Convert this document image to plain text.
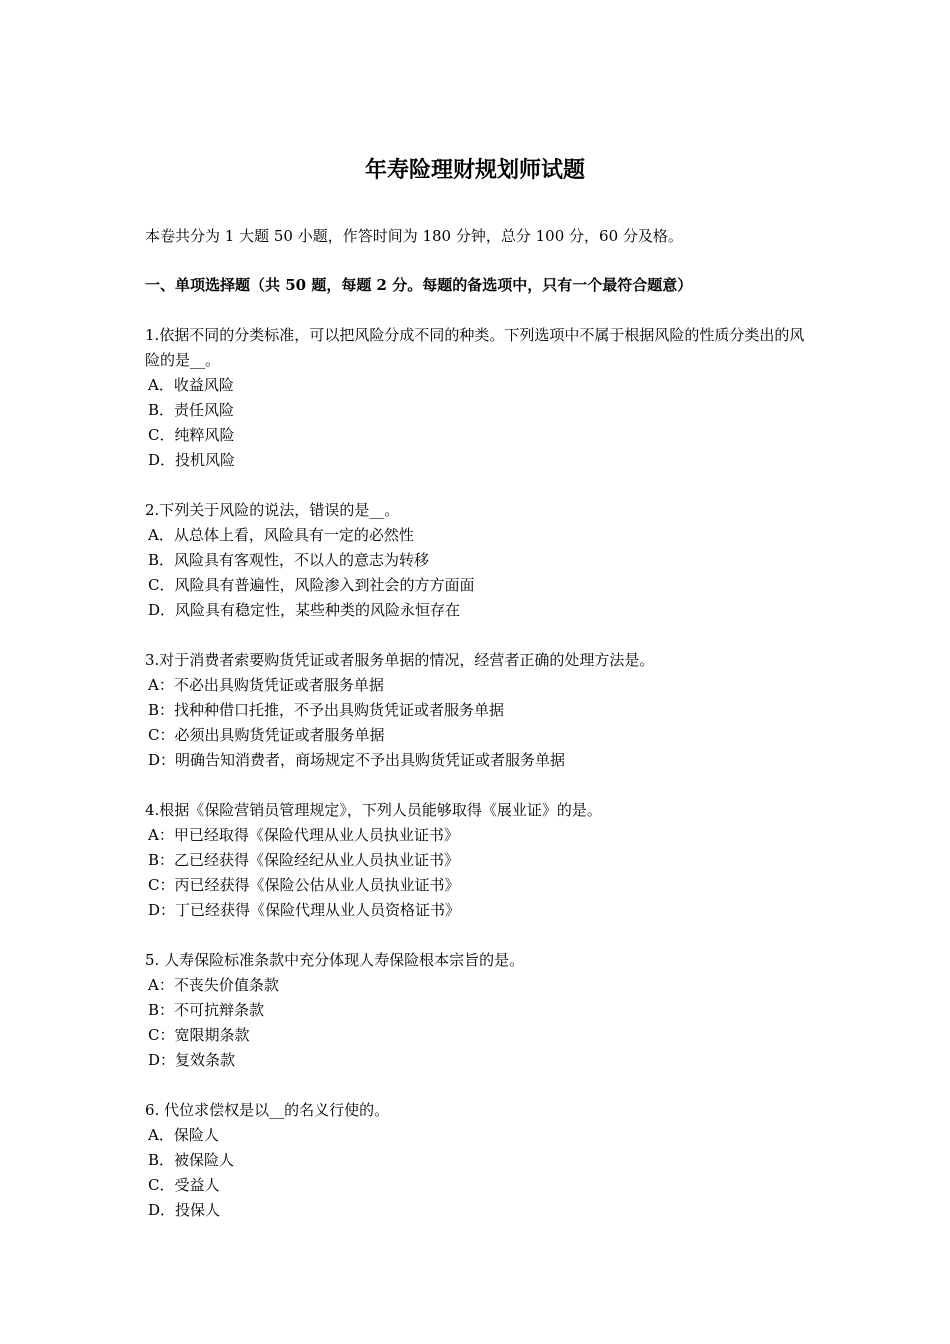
年寿险理财规划师试题
本卷共分为 1 大题 50 小题，作答时间为 180 分钟，总分 100 分，60 分及格。
一、单项选择题（共 50 题，每题 2 分。每题的备选项中，只有一个最符合题意）
1.依据不同的分类标准，可以把风险分成不同的种类。下列选项中不属于根据风险的性质分类出的风险的是__。
A．收益风险
B．责任风险
C．纯粹风险
D．投机风险
2.下列关于风险的说法，错误的是__。
A．从总体上看，风险具有一定的必然性
B．风险具有客观性，不以人的意志为转移
C．风险具有普遍性，风险渗入到社会的方方面面
D．风险具有稳定性，某些种类的风险永恒存在
3.对于消费者索要购货凭证或者服务单据的情况，经营者正确的处理方法是。
A：不必出具购货凭证或者服务单据
B：找种种借口托推，不予出具购货凭证或者服务单据
C：必须出具购货凭证或者服务单据
D：明确告知消费者，商场规定不予出具购货凭证或者服务单据
4.根据《保险营销员管理规定》，下列人员能够取得《展业证》的是。
A：甲已经取得《保险代理从业人员执业证书》
B：乙已经获得《保险经纪从业人员执业证书》
C：丙已经获得《保险公估从业人员执业证书》
D：丁已经获得《保险代理从业人员资格证书》
5. 人寿保险标准条款中充分体现人寿保险根本宗旨的是。
A：不丧失价值条款
B：不可抗辩条款
C：宽限期条款
D：复效条款
6. 代位求偿权是以__的名义行使的。
A．保险人
B．被保险人
C．受益人
D．投保人
